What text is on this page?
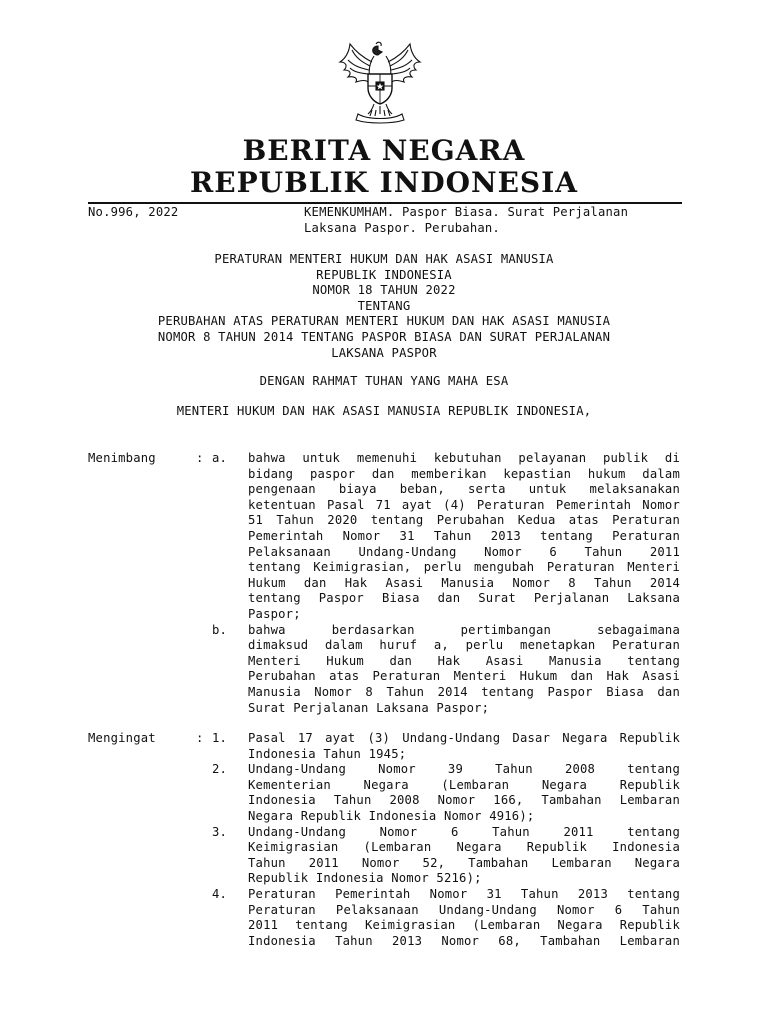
BERITA NEGARA
REPUBLIK INDONESIA
No.996, 2022	KEMENKUMHAM. Paspor Biasa. Surat Perjalanan
Laksana Paspor. Perubahan.
PERATURAN MENTERI HUKUM DAN HAK ASASI MANUSIA
REPUBLIK INDONESIA
NOMOR 18 TAHUN 2022
TENTANG
PERUBAHAN ATAS PERATURAN MENTERI HUKUM DAN HAK ASASI MANUSIA
NOMOR 8 TAHUN 2014 TENTANG PASPOR BIASA DAN SURAT PERJALANAN
LAKSANA PASPOR
DENGAN RAHMAT TUHAN YANG MAHA ESA
MENTERI HUKUM DAN HAK ASASI MANUSIA REPUBLIK INDONESIA,
Menimbang	: a.	bahwa untuk memenuhi kebutuhan pelayanan publik di
bidang paspor dan memberikan kepastian hukum dalam
pengenaan biaya beban, serta untuk melaksanakan
ketentuan Pasal 71 ayat (4) Peraturan Pemerintah Nomor
51 Tahun 2020 tentang Perubahan Kedua atas Peraturan
Pemerintah Nomor 31 Tahun 2013 tentang Peraturan
Pelaksanaan Undang-Undang Nomor 6 Tahun 2011
tentang Keimigrasian, perlu mengubah Peraturan Menteri
Hukum dan Hak Asasi Manusia Nomor 8 Tahun 2014
tentang Paspor Biasa dan Surat Perjalanan Laksana
Paspor;
b.	bahwa berdasarkan pertimbangan sebagaimana
dimaksud dalam huruf a, perlu menetapkan Peraturan
Menteri Hukum dan Hak Asasi Manusia tentang
Perubahan atas Peraturan Menteri Hukum dan Hak Asasi
Manusia Nomor 8 Tahun 2014 tentang Paspor Biasa dan
Surat Perjalanan Laksana Paspor;
Mengingat	: 1.	Pasal 17 ayat (3) Undang-Undang Dasar Negara Republik
Indonesia Tahun 1945;
2.	Undang-Undang Nomor 39 Tahun 2008 tentang
Kementerian Negara (Lembaran Negara Republik
Indonesia Tahun 2008 Nomor 166, Tambahan Lembaran
Negara Republik Indonesia Nomor 4916);
3.	Undang-Undang Nomor 6 Tahun 2011 tentang
Keimigrasian (Lembaran Negara Republik Indonesia
Tahun 2011 Nomor 52, Tambahan Lembaran Negara
Republik Indonesia Nomor 5216);
4.	Peraturan Pemerintah Nomor 31 Tahun 2013 tentang
Peraturan Pelaksanaan Undang-Undang Nomor 6 Tahun
2011 tentang Keimigrasian (Lembaran Negara Republik
Indonesia Tahun 2013 Nomor 68, Tambahan Lembaran
